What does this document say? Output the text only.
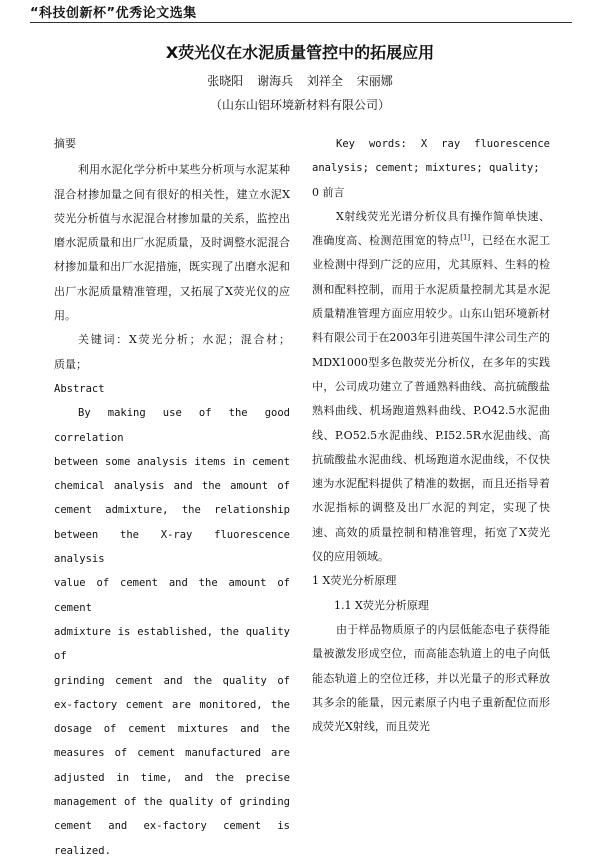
“科技创新杯”优秀论文选集
X荧光仪在水泥质量管控中的拓展应用
张晓阳 谢海兵 刘祥全 宋丽娜
（山东山铝环境新材料有限公司）

摘要

利用水泥化学分析中某些分析项与水泥某种混合材掺加量之间有很好的相关性，建立水泥X荧光分析值与水泥混合材掺加量的关系，监控出磨水泥质量和出厂水泥质量，及时调整水泥混合材掺加量和出厂水泥措施，既实现了出磨水泥和出厂水泥质量精准管理，又拓展了X荧光仪的应用。

关键词：X荧光分析；水泥；混合材；

质量；

Abstract

By making use of the good correlation

between some analysis items in cement

chemical analysis and the amount of

cement admixture, the relationship

between the X-ray fluorescence analysis

value of cement and the amount of cement

admixture is established, the quality of

grinding cement and the quality of

ex-factory cement are monitored, the

dosage of cement mixtures and the

measures of cement manufactured are

adjusted in time, and the precise

management of the quality of grinding

cement and ex-factory cement is

realized.

Key words: X ray fluorescence

analysis; cement; mixtures; quality;

0 前言

X射线荧光光谱分析仪具有操作简单快速、准确度高、检测范围宽的特点[1]，已经在水泥工业检测中得到广泛的应用，尤其原料、生料的检测和配料控制，而用于水泥质量控制尤其是水泥质量精准管理方面应用较少。山东山铝环境新材料有限公司于在2003年引进英国牛津公司生产的MDX1000型多色散荧光分析仪，在多年的实践中，公司成功建立了普通熟料曲线、高抗硫酸盐熟料曲线、机场跑道熟料曲线、P.O42.5水泥曲线、P.O52.5水泥曲线、P.I52.5R水泥曲线、高抗硫酸盐水泥曲线、机场跑道水泥曲线，不仅快速为水泥配料提供了精准的数据，而且还指导着水泥指标的调整及出厂水泥的判定，实现了快速、高效的质量控制和精准管理，拓宽了X荧光仪的应用领域。

1 X荧光分析原理

1.1 X荧光分析原理

由于样品物质原子的内层低能态电子获得能量被激发形成空位，而高能态轨道上的电子向低能态轨道上的空位迁移，并以光量子的形式释放其多余的能量，因元素原子内电子重新配位而形成荧光X射线，而且荧光
